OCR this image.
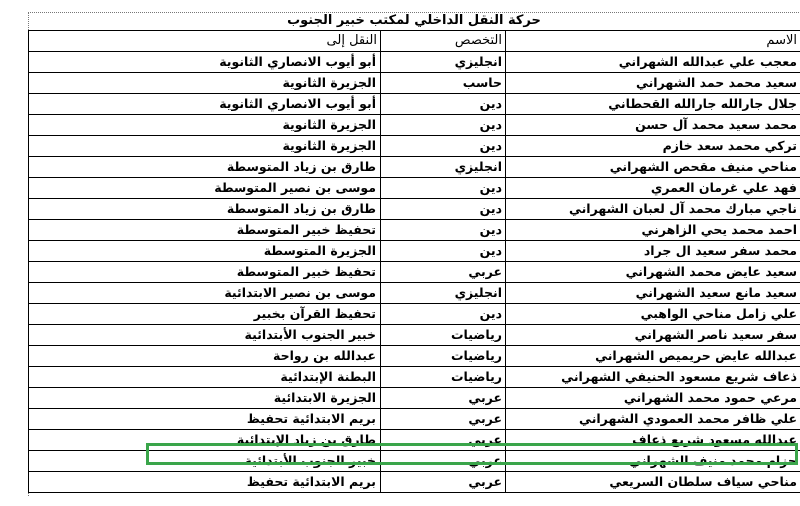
حركة النقل الداخلي لمكتب خبير الجنوب
الاسم	التخصص	النقل إلى
معجب علي عبدالله الشهراني	انجليزي	أبو أيوب الانصاري الثانوية
سعيد محمد حمد الشهراني	حاسب	الجزيرة الثانوية
جلال جارالله جارالله القحطاني	دين	أبو أيوب الانصاري الثانوية
محمد سعيد محمد آل حسن	دين	الجزيرة الثانوية
تركي محمد سعد خازم	دين	الجزيرة الثانوية
مناحي منيف مقحص الشهراني	انجليزي	طارق بن زياد المتوسطة
فهد علي غرمان العمري	دين	موسى بن نصير المتوسطة
ناجي مبارك محمد آل لعبان الشهراني	دين	طارق بن زياد المتوسطة
احمد محمد يحي الزاهرني	دين	تحفيظ خبير المتوسطة
محمد سفر سعيد ال جراد	دين	الجزيرة المتوسطة
سعيد عايض محمد الشهراني	عربي	تحفيظ خبير المتوسطة
سعيد مانع سعيد الشهراني	انجليزي	موسى بن نصير الابتدائية
علي زامل مناحي الواهبي	دين	تحفيظ القرآن بخبير
سفر سعيد ناصر الشهراني	رياضيات	خبير الجنوب الأبتدائية
عبدالله عايض حريميص الشهراني	رياضيات	عبدالله بن رواحة
ذعاف شريع مسعود الحنيفي الشهراني	رياضيات	البطنة الإبتدائية
مرعي حمود محمد الشهراني	عربي	الجزيرة الابتدائية
علي ظافر محمد العمودي الشهراني	عربي	بريم الابتدائية تحفيظ
عبدالله مسعود شريع ذعاف	عربي	طارق بن زياد الإبتدائية
حزام محمد منيف الشهراني	عربي	خبير الجنوب الأبتدائية
مناحي سياف سلطان السريعي	عربي	بريم الابتدائية تحفيظ
